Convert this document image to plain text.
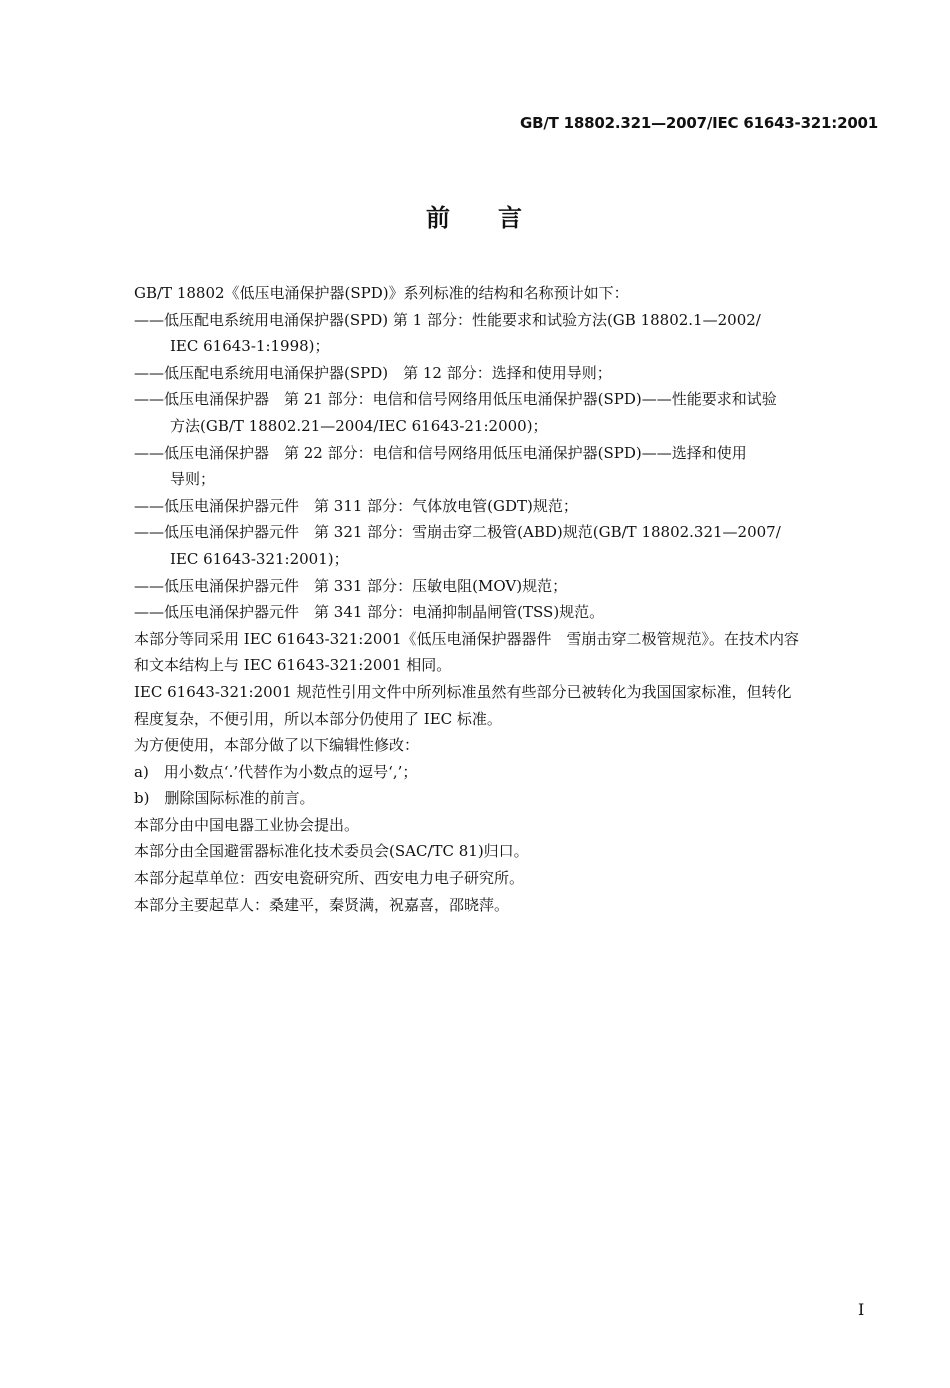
GB/T 18802.321—2007/IEC 61643-321:2001
前 言
GB/T 18802《低压电涌保护器(SPD)》系列标准的结构和名称预计如下：
——低压配电系统用电涌保护器(SPD) 第 1 部分：性能要求和试验方法(GB 18802.1—2002/
IEC 61643-1:1998)；
——低压配电系统用电涌保护器(SPD)　第 12 部分：选择和使用导则；
——低压电涌保护器　第 21 部分：电信和信号网络用低压电涌保护器(SPD)——性能要求和试验
方法(GB/T 18802.21—2004/IEC 61643-21:2000)；
——低压电涌保护器　第 22 部分：电信和信号网络用低压电涌保护器(SPD)——选择和使用
导则；
——低压电涌保护器元件　第 311 部分：气体放电管(GDT)规范；
——低压电涌保护器元件　第 321 部分：雪崩击穿二极管(ABD)规范(GB/T 18802.321—2007/
IEC 61643-321:2001)；
——低压电涌保护器元件　第 331 部分：压敏电阻(MOV)规范；
——低压电涌保护器元件　第 341 部分：电涌抑制晶闸管(TSS)规范。
本部分等同采用 IEC 61643-321:2001《低压电涌保护器器件　雪崩击穿二极管规范》。在技术内容
和文本结构上与 IEC 61643-321:2001 相同。
IEC 61643-321:2001 规范性引用文件中所列标准虽然有些部分已被转化为我国国家标准，但转化
程度复杂，不便引用，所以本部分仍使用了 IEC 标准。
为方便使用，本部分做了以下编辑性修改：
a)　用小数点‘.’代替作为小数点的逗号‘,’；
b)　删除国际标准的前言。
本部分由中国电器工业协会提出。
本部分由全国避雷器标准化技术委员会(SAC/TC 81)归口。
本部分起草单位：西安电瓷研究所、西安电力电子研究所。
本部分主要起草人：桑建平，秦贤满，祝嘉喜，邵晓萍。
I
